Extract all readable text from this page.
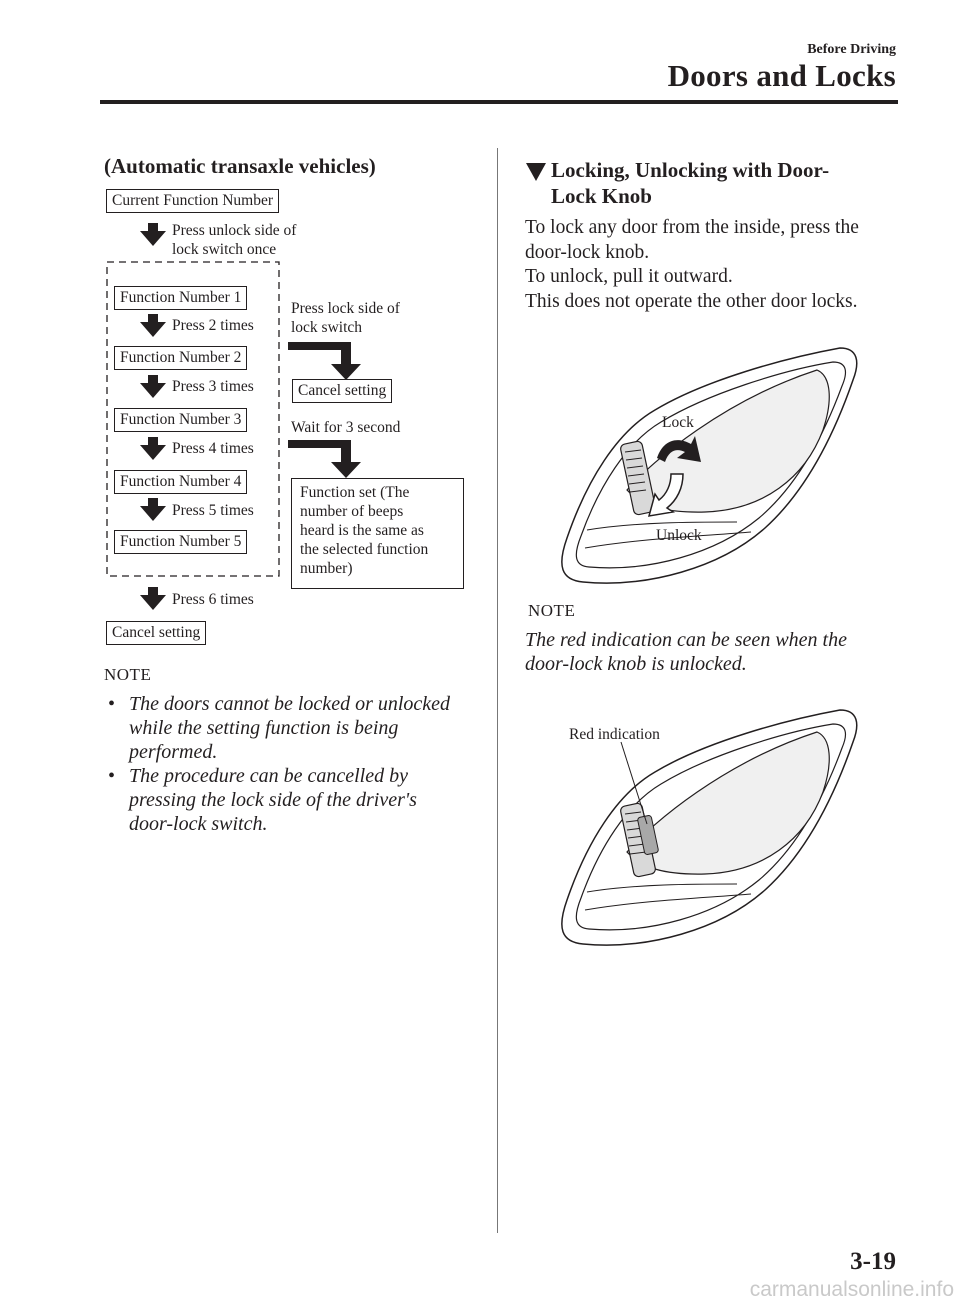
Before Driving
Doors and Locks
(Automatic transaxle vehicles)
Current Function Number
Press unlock side of
lock switch once
Function Number 1
Press 2 times
Function Number 2
Press 3 times
Function Number 3
Press 4 times
Function Number 4
Press 5 times
Function Number 5
Press 6 times
Cancel setting
Press lock side of
lock switch
Cancel setting
Wait for 3 second
Function set (The
number of beeps
heard is the same as
the selected function
number)
NOTE
• The doors cannot be locked or unlocked
while the setting function is being
performed.
• The procedure can be cancelled by
pressing the lock side of the driver's
door-lock switch.
Locking, Unlocking with Door-
Lock Knob
To lock any door from the inside, press the
door-lock knob.
To unlock, pull it outward.
This does not operate the other door locks.
Lock
Unlock
NOTE
The red indication can be seen when the
door-lock knob is unlocked.
Red indication
3-19
carmanualsonline.info
